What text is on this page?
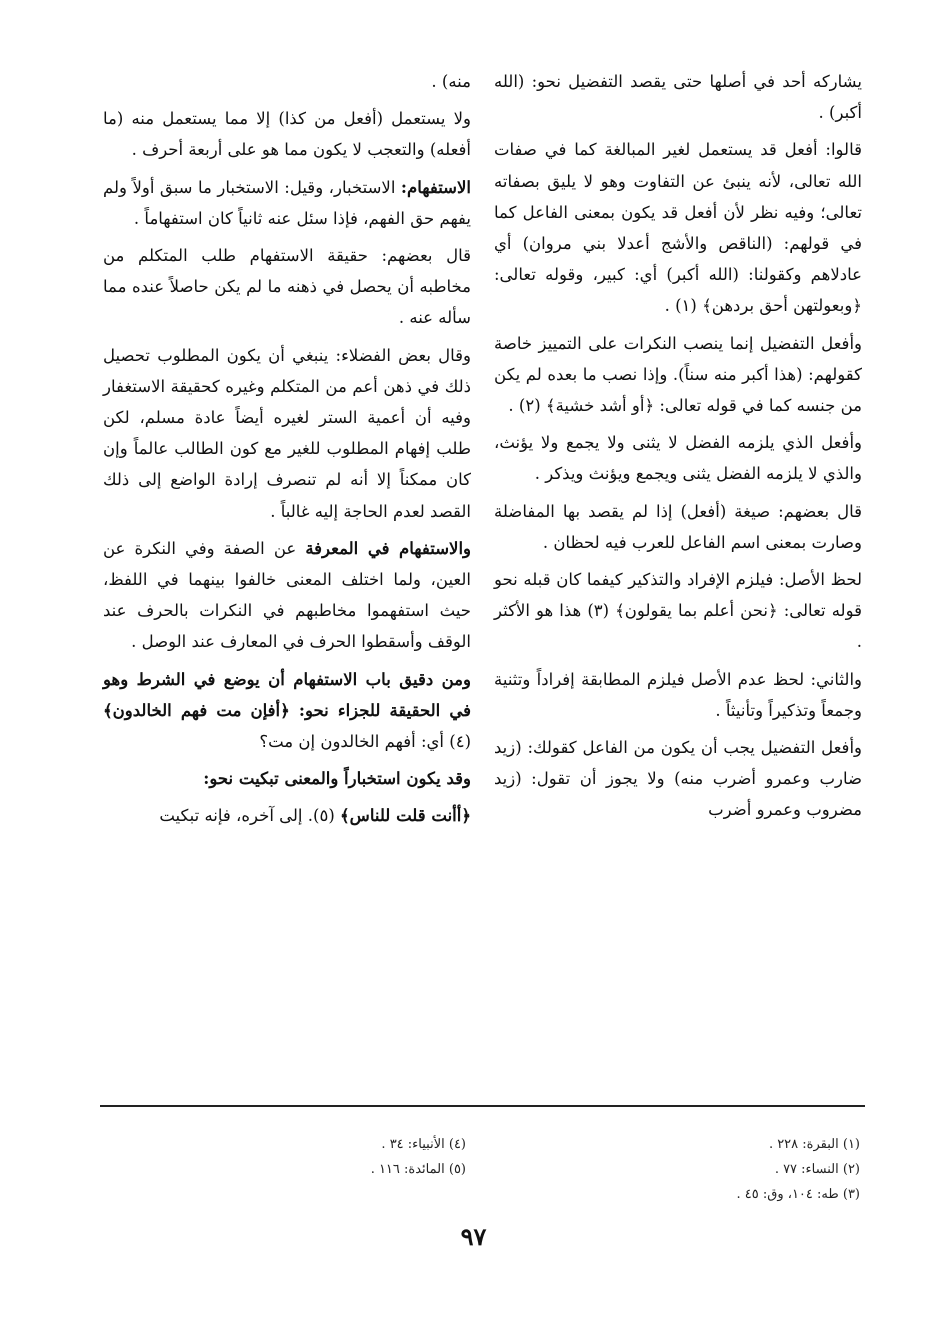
يشاركه أحد في أصلها حتى يقصد التفضيل نحو: (الله أكبر) .

قالوا: أفعل قد يستعمل لغير المبالغة كما في صفات الله تعالى، لأنه ينبئ عن التفاوت وهو لا يليق بصفاته تعالى؛ وفيه نظر لأن أفعل قد يكون بمعنى الفاعل كما في قولهم: (الناقص والأشج أعدلا بني مروان) أي عادلاهم وكقولنا: (الله أكبر) أي: كبير، وقوله تعالى: ﴿وبعولتهن أحق بردهن﴾ (١) .

وأفعل التفضيل إنما ينصب النكرات على التمييز خاصة كقولهم: (هذا أكبر منه سناً). وإذا نصب ما بعده لم يكن من جنسه كما في قوله تعالى: ﴿أو أشد خشية﴾ (٢) .

وأفعل الذي يلزمه الفضل لا يثنى ولا يجمع ولا يؤنث، والذي لا يلزمه الفضل يثنى ويجمع ويؤنث ويذكر .

قال بعضهم: صيغة (أفعل) إذا لم يقصد بها المفاضلة وصارت بمعنى اسم الفاعل للعرب فيه لحظان .

لحظ الأصل: فيلزم الإفراد والتذكير كيفما كان قبله نحو قوله تعالى: ﴿نحن أعلم بما يقولون﴾ (٣) هذا هو الأكثر .

والثاني: لحظ عدم الأصل فيلزم المطابقة إفراداً وتثنية وجمعاً وتذكيراً وتأنيثاً .

وأفعل التفضيل يجب أن يكون من الفاعل كقولك: (زيد ضارب وعمرو أضرب منه) ولا يجوز أن تقول: (زيد مضروب وعمرو أضرب

منه) .

ولا يستعمل (أفعل من كذا) إلا مما يستعمل منه (ما أفعله) والتعجب لا يكون مما هو على أربعة أحرف .

الاستفهام: الاستخبار، وقيل: الاستخبار ما سبق أولاً ولم يفهم حق الفهم، فإذا سئل عنه ثانياً كان استفهاماً .

قال بعضهم: حقيقة الاستفهام طلب المتكلم من مخاطبه أن يحصل في ذهنه ما لم يكن حاصلاً عنده مما سأله عنه .

وقال بعض الفضلاء: ينبغي أن يكون المطلوب تحصيل ذلك في ذهن أعم من المتكلم وغيره كحقيقة الاستغفار وفيه أن أعمية الستر لغيره أيضاً عادة مسلم، لكن طلب إفهام المطلوب للغير مع كون الطالب عالماً وإن كان ممكناً إلا أنه لم تنصرف إرادة الواضع إلى ذلك القصد لعدم الحاجة إليه غالباً .

والاستفهام في المعرفة عن الصفة وفي النكرة عن العين، ولما اختلف المعنى خالفوا بينهما في اللفظ، حيث استفهموا مخاطبهم في النكرات بالحرف عند الوقف وأسقطوا الحرف في المعارف عند الوصل .

ومن دقيق باب الاستفهام أن يوضع في الشرط وهو في الحقيقة للجزاء نحو: ﴿أفإن مت فهم الخالدون﴾ (٤) أي: أفهم الخالدون إن مت؟

وقد يكون استخباراً والمعنى تبكيت نحو:

﴿أأنت قلت للناس﴾ (٥). إلى آخره، فإنه تبكيت

(١) البقرة: ٢٢٨ .
(٢) النساء: ٧٧ .
(٣) طه: ١٠٤، وق: ٤٥ .
(٤) الأنبياء: ٣٤ .
(٥) المائدة: ١١٦ .
٩٧
